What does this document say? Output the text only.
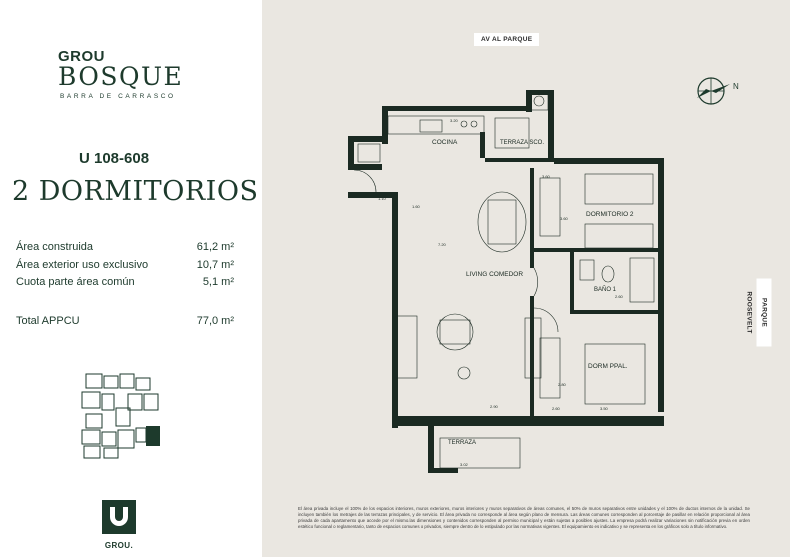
GROU
BOSQUE
BARRA DE CARRASCO
U 108-608
2 DORMITORIOS
Área construida	61,2 m²
Área exterior uso exclusivo	10,7 m²
Cuota parte área común	5,1 m²
Total APPCU	77,0 m²
GROU.
AV AL PARQUE
PARQUE ROOSEVELT
N
COCINA	TERRAZA SCO.
DORMITORIO 2
LIVING COMEDOR
BAÑO 1
DORM PPAL.
TERRAZA
3.20
3.60
2.60
1.60
1.10
7.20
2.90	2.60
2.80
3.50
3.60
3.02
El área privada incluye el 100% de los espacios interiores, muros exteriores, muros interiores y muros separativos de áreas comunes, el 50% de muros separativos entre unidades y el 100% de ductos internos de la unidad. Se incluyen también los metrajes de las terrazas principales, y de servicio. El área privada no corresponde al área según plano de mensura. Las áreas comunes corresponden al porcentaje de pasillar en relación proporcional al área privada de cada apartamento que accede por el mismo.las dimensiones y contenidos corresponden al permiso municipal y están sujetas a posibles ajustes. La empresa podrá realizar variaciones sin notificación previa en orden estético funcional o reglamentario, tanto de espacios comunes o privados, siempre dentro de lo estipulado por las normativas vigentes. El equipamiento es indicativo y se representa en los gráficos solo a título informativo.
